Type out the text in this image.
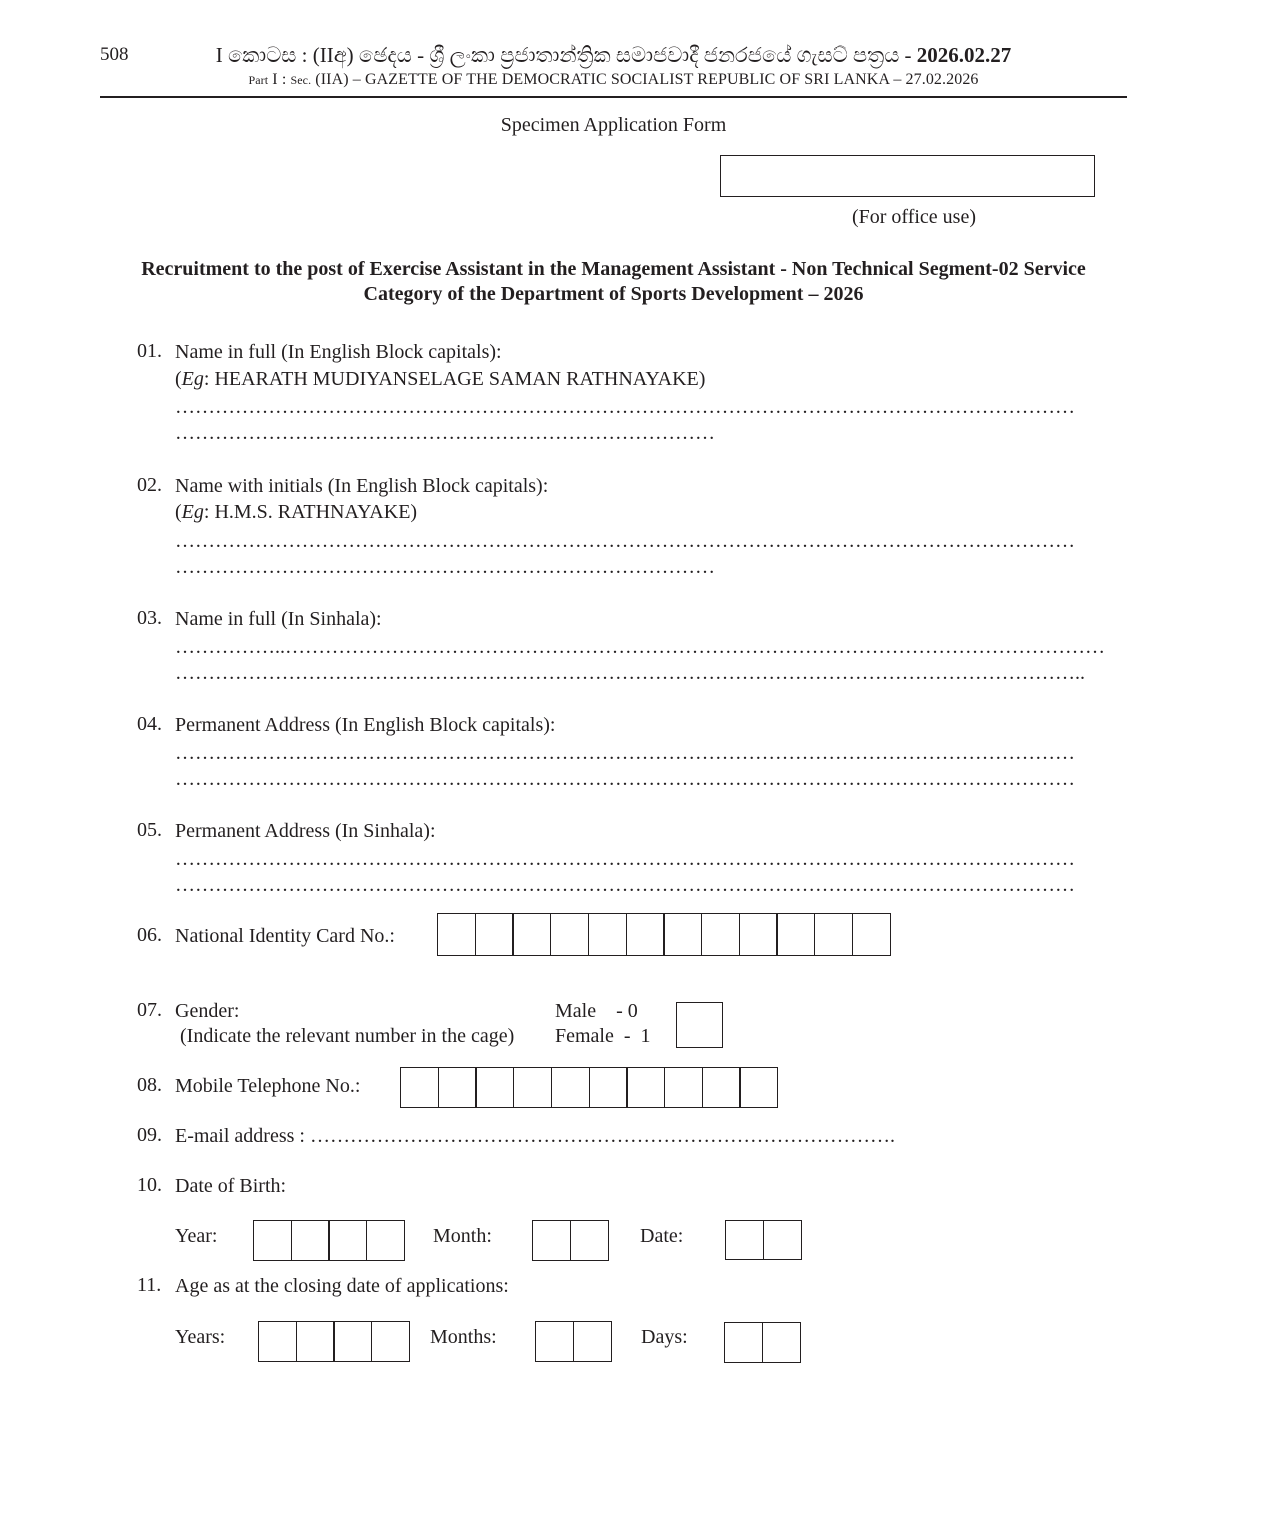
508	I කොටස : (IIඅ) ඡෙදය - ශ්‍රී ලංකා ප්‍රජාතාන්ත්‍රික සමාජවාදී ජනරජයේ ගැසට් පත්‍රය - 2026.02.27
Part I : Sec. (IIA) – GAZETTE OF THE DEMOCRATIC SOCIALIST REPUBLIC OF SRI LANKA – 27.02.2026
Specimen Application Form
(For office use)
Recruitment to the post of Exercise Assistant in the Management Assistant - Non Technical Segment-02 Service
Category of the Department of Sports Development – 2026
01. Name in full (In English Block capitals):
(Eg: HEARATH MUDIYANSELAGE SAMAN RATHNAYAKE)
………………………………………………………………………………………………………………………
………………………………………………………………………
02. Name with initials (In English Block capitals):
(Eg: H.M.S. RATHNAYAKE)
………………………………………………………………………………………………………………………
………………………………………………………………………
03. Name in full (In Sinhala):
……………..……………………………………………………………………………………………………………
………………………………………………………………………………………………………………………..
04. Permanent Address (In English Block capitals):
………………………………………………………………………………………………………………………
………………………………………………………………………………………………………………………
05. Permanent Address (In Sinhala):
………………………………………………………………………………………………………………………
………………………………………………………………………………………………………………………
06. National Identity Card No.:
07. Gender:
(Indicate the relevant number in the cage)
Male    - 0
Female  -  1
08. Mobile Telephone No.:
09. E-mail address : …………………………………………………………………………….
10. Date of Birth:
Year:	Month:	Date:
11. Age as at the closing date of applications:
Years:	Months:	Days:
